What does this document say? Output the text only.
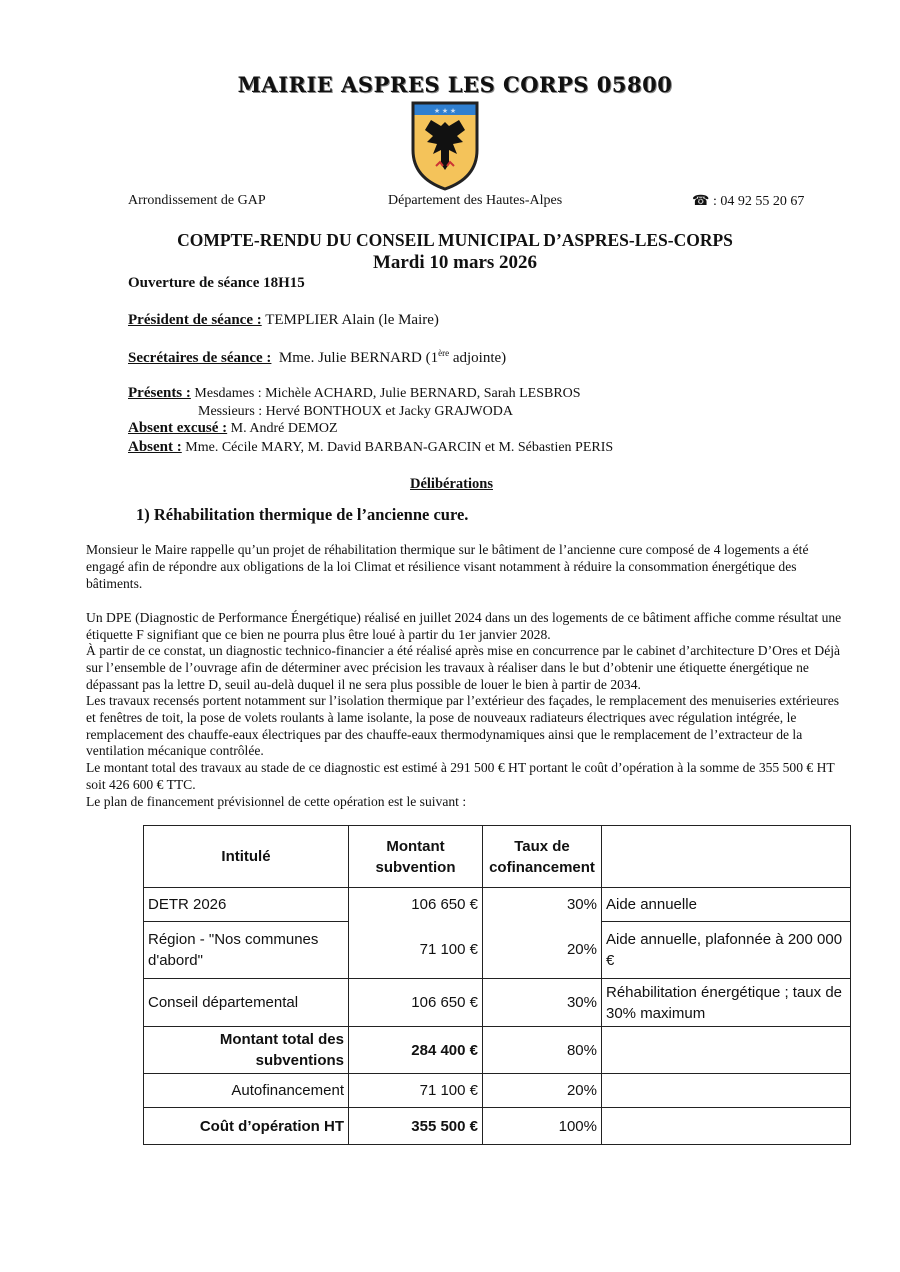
MAIRIE ASPRES LES CORPS 05800
★ ★ ★
Arrondissement de GAP	Département des Hautes-Alpes	☎ : 04 92 55 20 67
COMPTE-RENDU DU CONSEIL MUNICIPAL D’ASPRES-LES-CORPS
Mardi 10 mars 2026
Ouverture de séance 18H15
Président de séance : TEMPLIER Alain (le Maire)
Secrétaires de séance : Mme. Julie BERNARD (1ère adjointe)
Présents : Mesdames : Michèle ACHARD, Julie BERNARD, Sarah LESBROS
Messieurs : Hervé BONTHOUX et Jacky GRAJWODA
Absent excusé : M. André DEMOZ
Absent : Mme. Cécile MARY, M. David BARBAN-GARCIN et M. Sébastien PERIS
Délibérations
1) Réhabilitation thermique de l’ancienne cure.
Monsieur le Maire rappelle qu’un projet de réhabilitation thermique sur le bâtiment de l’ancienne cure composé de 4 logements a été engagé afin de répondre aux obligations de la loi Climat et résilience visant notamment à réduire la consommation énergétique des bâtiments.
Un DPE (Diagnostic de Performance Énergétique) réalisé en juillet 2024 dans un des logements de ce bâtiment affiche comme résultat une étiquette F signifiant que ce bien ne pourra plus être loué à partir du 1er janvier 2028.
À partir de ce constat, un diagnostic technico-financier a été réalisé après mise en concurrence par le cabinet d’architecture D’Ores et Déjà sur l’ensemble de l’ouvrage afin de déterminer avec précision les travaux à réaliser dans le but d’obtenir une étiquette énergétique ne dépassant pas la lettre D, seuil au-delà duquel il ne sera plus possible de louer le bien à partir de 2034.
Les travaux recensés portent notamment sur l’isolation thermique par l’extérieur des façades, le remplacement des menuiseries extérieures et fenêtres de toit, la pose de volets roulants à lame isolante, la pose de nouveaux radiateurs électriques avec régulation intégrée, le remplacement des chauffe-eaux électriques par des chauffe-eaux thermodynamiques ainsi que le remplacement de l’extracteur de la ventilation mécanique contrôlée.
Le montant total des travaux au stade de ce diagnostic est estimé à 291 500 € HT portant le coût d’opération à la somme de 355 500 € HT soit 426 600 € TTC.
Le plan de financement prévisionnel de cette opération est le suivant :
Intitulé	Montant subvention	Taux de cofinancement	
DETR 2026	106 650 €	30%	Aide annuelle
Région - "Nos communes d'abord"	71 100 €	20%	Aide annuelle, plafonnée à 200 000 €
Conseil départemental	106 650 €	30%	Réhabilitation énergétique ; taux de 30% maximum
Montant total des subventions	284 400 €	80%	
Autofinancement	71 100 €	20%	
Coût d’opération HT	355 500 €	100%	
